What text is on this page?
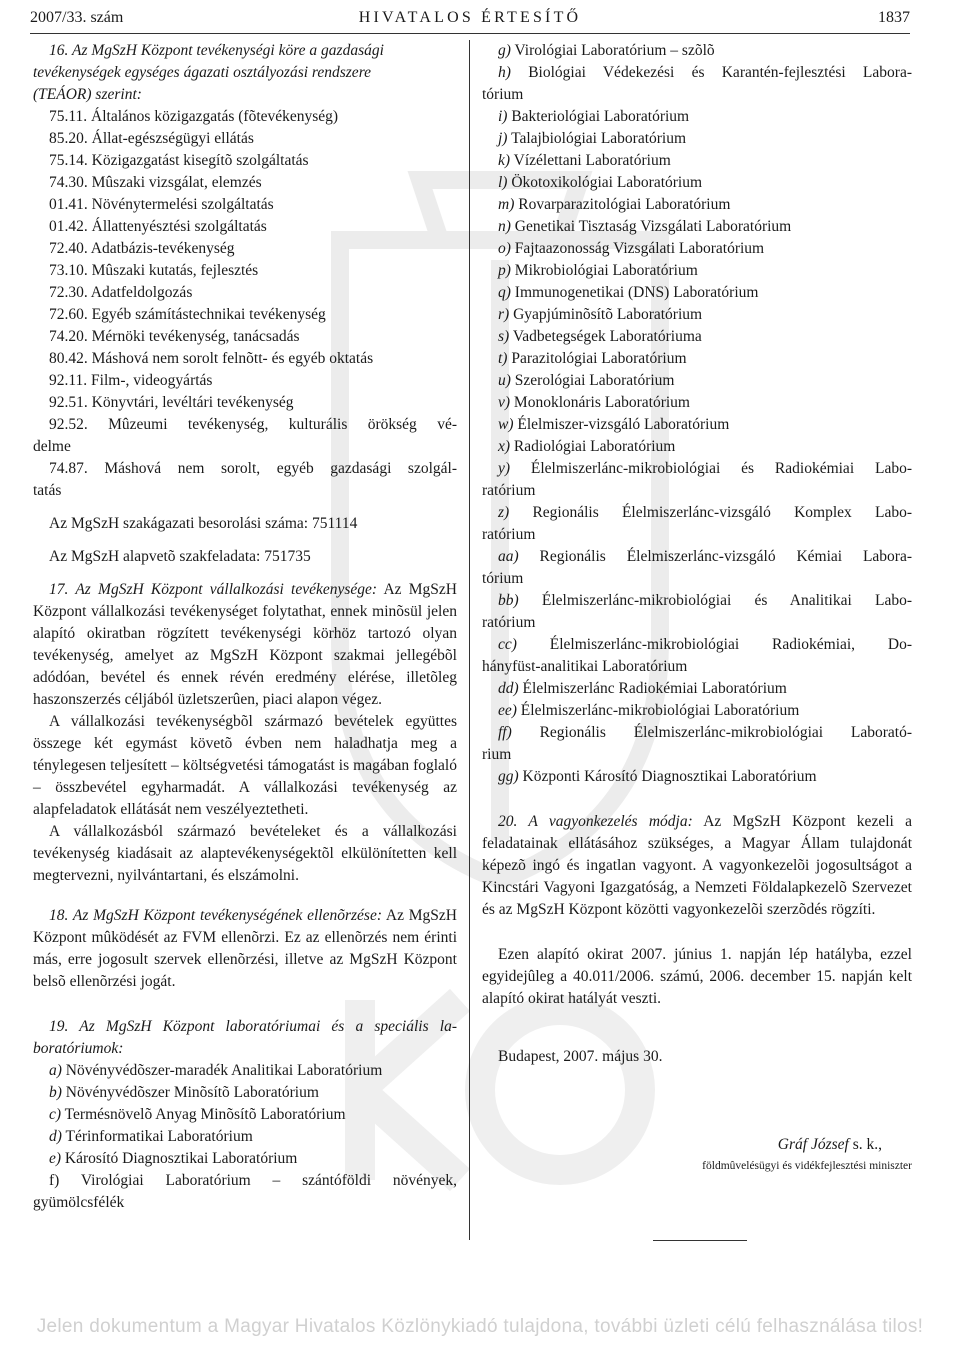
2007/33. szám	HIVATALOS ÉRTESÍTŐ	1837
16. Az MgSzH Központ tevékenységi köre a gazdasági
tevékenységek egységes ágazati osztályozási rendszere
(TEÁOR) szerint:
75.11. Általános közigazgatás (fõtevékenység)
85.20. Állat-egészségügyi ellátás
75.14. Közigazgatást kisegítõ szolgáltatás
74.30. Mûszaki vizsgálat, elemzés
01.41. Növénytermelési szolgáltatás
01.42. Állattenyésztési szolgáltatás
72.40. Adatbázis-tevékenység
73.10. Mûszaki kutatás, fejlesztés
72.30. Adatfeldolgozás
72.60. Egyéb számítástechnikai tevékenység
74.20. Mérnöki tevékenység, tanácsadás
80.42. Máshová nem sorolt felnõtt- és egyéb oktatás
92.11. Film-, videogyártás
92.51. Könyvtári, levéltári tevékenység
92.52. Mûzeumi tevékenység, kulturális örökség vé-
delme
74.87. Máshová nem sorolt, egyéb gazdasági szolgál-
tatás
Az MgSzH szakágazati besorolási száma: 751114
Az MgSzH alapvetõ szakfeladata: 751735

17. Az MgSzH Központ vállalkozási tevékenysége: Az MgSzH Központ vállalkozási tevékenységet folytathat, ennek minõsül jelen alapító okiratban rögzített tevékenységi körhöz tartozó olyan tevékenység, amelyet az MgSzH Központ szakmai jellegébõl adódóan, bevétel és ennek révén eredmény elérése, illetõleg haszonszerzés céljából üzletszerûen, piaci alapon végez.

A vállalkozási tevékenységbõl származó bevételek együttes összege két egymást követõ évben nem haladhatja meg a ténylegesen teljesített – költségvetési támogatást is magában foglaló – összbevétel egyharmadát. A vállalkozási tevékenység az alapfeladatok ellátását nem veszélyeztetheti.

A vállalkozásból származó bevételeket és a vállalkozási tevékenység kiadásait az alaptevékenységektõl elkülönítetten kell megtervezni, nyilvántartani, és elszámolni.

18. Az MgSzH Központ tevékenységének ellenõrzése: Az MgSzH Központ mûködését az FVM ellenõrzi. Ez az ellenõrzés nem érinti más, erre jogosult szervek ellenõrzési, illetve az MgSzH Központ belsõ ellenõrzési jogát.

19. Az MgSzH Központ laboratóriumai és a speciális la-
boratóriumok:
a) Növényvédõszer-maradék Analitikai Laboratórium
b) Növényvédõszer Minõsítõ Laboratórium
c) Termésnövelõ Anyag Minõsítõ Laboratórium
d) Térinformatikai Laboratórium
e) Károsító Diagnosztikai Laboratórium
f) Virológiai Laboratórium – szántóföldi növények,
gyümölcsfélék
g) Virológiai Laboratórium – szõlõ
h) Biológiai Védekezési és Karantén-fejlesztési Labora-
tórium
i) Bakteriológiai Laboratórium
j) Talajbiológiai Laboratórium
k) Vízélettani Laboratórium
l) Ökotoxikológiai Laboratórium
m) Rovarparazitológiai Laboratórium
n) Genetikai Tisztaság Vizsgálati Laboratórium
o) Fajtaazonosság Vizsgálati Laboratórium
p) Mikrobiológiai Laboratórium
q) Immunogenetikai (DNS) Laboratórium
r) Gyapjúminõsítõ Laboratórium
s) Vadbetegségek Laboratóriuma
t) Parazitológiai Laboratórium
u) Szerológiai Laboratórium
v) Monoklonáris Laboratórium
w) Élelmiszer-vizsgáló Laboratórium
x) Radiológiai Laboratórium
y) Élelmiszerlánc-mikrobiológiai és Radiokémiai Labo-
ratórium
z) Regionális Élelmiszerlánc-vizsgáló Komplex Labo-
ratórium
aa) Regionális Élelmiszerlánc-vizsgáló Kémiai Labora-
tórium
bb) Élelmiszerlánc-mikrobiológiai és Analitikai Labo-
ratórium
cc) Élelmiszerlánc-mikrobiológiai Radiokémiai, Do-
hányfüst-analitikai Laboratórium
dd) Élelmiszerlánc Radiokémiai Laboratórium
ee) Élelmiszerlánc-mikrobiológiai Laboratórium
ff) Regionális Élelmiszerlánc-mikrobiológiai Laborató-
rium
gg) Központi Károsító Diagnosztikai Laboratórium

20. A vagyonkezelés módja: Az MgSzH Központ kezeli a feladatainak ellátásához szükséges, a Magyar Állam tulajdonát képezõ ingó és ingatlan vagyont. A vagyonkezelõi jogosultságot a Kincstári Vagyoni Igazgatóság, a Nemzeti Földalapkezelõ Szervezet és az MgSzH Központ közötti vagyonkezelõi szerzõdés rögzíti.

Ezen alapító okirat 2007. június 1. napján lép hatályba, ezzel egyidejûleg a 40.011/2006. számú, 2006. december 15. napján kelt alapító okirat hatályát veszti.

Budapest, 2007. május 30.
Gráf József s. k.,
földmûvelésügyi és vidékfejlesztési miniszter
Jelen dokumentum a Magyar Hivatalos Közlönykiadó tulajdona, további üzleti célú felhasználása tilos!
